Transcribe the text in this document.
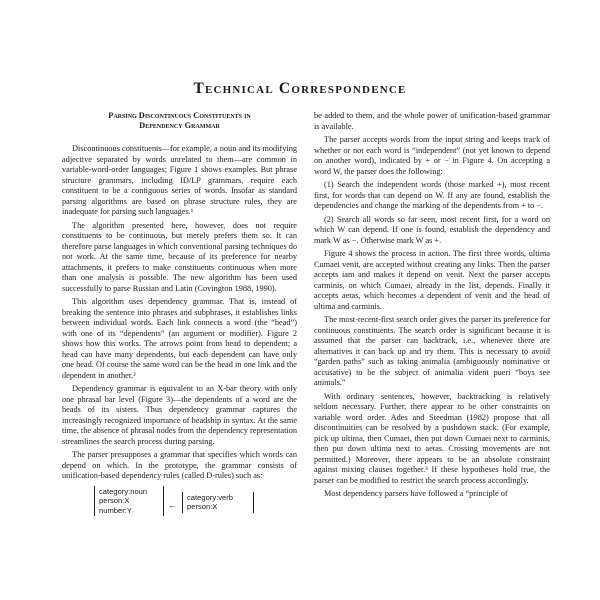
Technical Correspondence
Parsing Discontinuous Constituents in
Dependency Grammar

Discontinuous constituents—for example, a noun and its modifying adjective separated by words unrelated to them—are common in variable-word-order languages; Figure 1 shows examples. But phrase structure grammars, including ID/LP grammars, require each constituent to be a contiguous series of words. Insofar as standard parsing algorithms are based on phrase structure rules, they are inadequate for parsing such languages.¹

The algorithm presented here, however, does not require constituents to be continuous, but merely prefers them so. It can therefore parse languages in which conventional parsing techniques do not work. At the same time, because of its preference for nearby attachments, it prefers to make constituents continuous when more than one analysis is possible. The new algorithm has been used successfully to parse Russian and Latin (Covington 1988, 1990).

This algorithm uses dependency grammar. That is, instead of breaking the sentence into phrases and subphrases, it establishes links between individual words. Each link connects a word (the “head”) with one of its “dependents” (an argument or modifier). Figure 2 shows how this works. The arrows point from head to dependent; a head can have many dependents, but each dependent can have only one head. Of course the same word can be the head in one link and the dependent in another.²

Dependency grammar is equivalent to an X-bar theory with only one phrasal bar level (Figure 3)—the dependents of a word are the heads of its sisters. Thus dependency grammar captures the increasingly recognized importance of headship in syntax. At the same time, the absence of phrasal nodes from the dependency representation streamlines the search process during parsing.

The parser presupposes a grammar that specifies which words can depend on which. In the prototype, the grammar consists of unification-based dependency rules (called D-rules) such as:

category:noun
person:X
number:Y
←
category:verb
person:X

be added to them, and the whole power of unification-based grammar is available.

The parser accepts words from the input string and keeps track of whether or not each word is “independent” (not yet known to depend on another word), indicated by + or − in Figure 4. On accepting a word W, the parser does the following:

(1) Search the independent words (those marked +), most recent first, for words that can depend on W. If any are found, establish the dependencies and change the marking of the dependents from + to −.

(2) Search all words so far seen, most recent first, for a word on which W can depend. If one is found, establish the dependency and mark W as −. Otherwise mark W as +.

Figure 4 shows the process in action. The first three words, ultima Cumaei venit, are accepted without creating any links. Then the parser accepts iam and makes it depend on venit. Next the parser accepts carminis, on which Cumaei, already in the list, depends. Finally it accepts aetas, which becomes a dependent of venit and the head of ultima and carminis.

The most-recent-first search order gives the parser its preference for continuous constituents. The search order is significant because it is assumed that the parser can backtrack, i.e., whenever there are alternatives it can back up and try them. This is necessary to avoid “garden paths” such as taking animalia (ambiguously nominative or accusative) to be the subject of animalia vident pueri “boys see animals.”

With ordinary sentences, however, backtracking is relatively seldom necessary. Further, there appear to be other constraints on variable word order. Ades and Steedman (1982) propose that all discontinuities can be resolved by a pushdown stack. (For example, pick up ultima, then Cumaei, then put down Cumaei next to carminis, then put down ultima next to aetas. Crossing movements are not permitted.) Moreover, there appears to be an absolute constraint against mixing clauses together.³ If these hypotheses hold true, the parser can be modified to restrict the search process accordingly.

Most dependency parsers have followed a “principle of
